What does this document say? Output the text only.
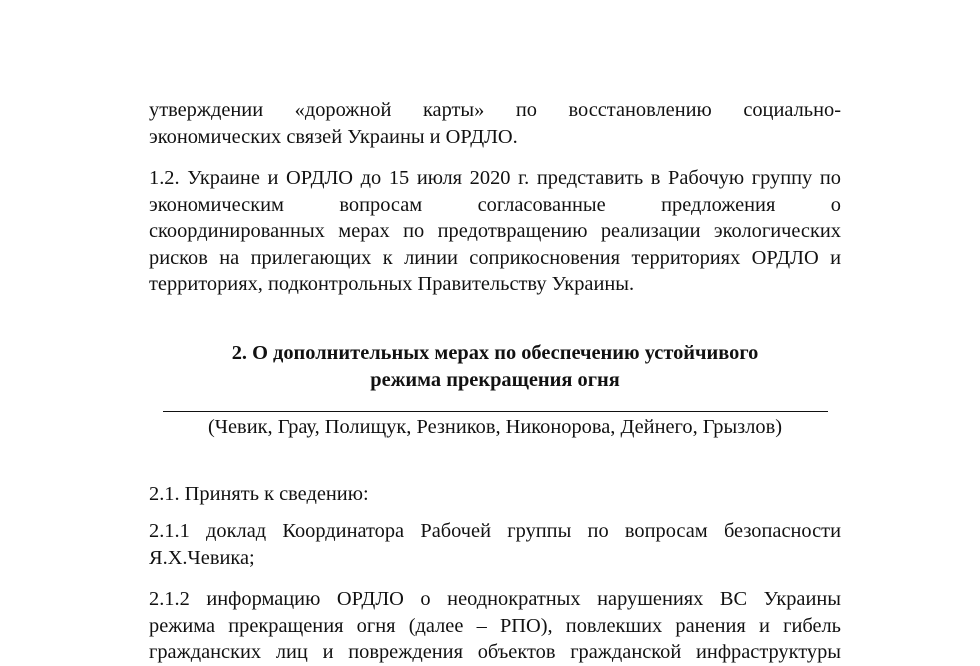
утверждении «дорожной карты» по восстановлению социально-
экономических связей Украины и ОРДЛО.
1.2. Украине и ОРДЛО до 15 июля 2020 г. представить в Рабочую группу по
экономическим вопросам согласованные предложения о
скоординированных мерах по предотвращению реализации экологических
рисков на прилегающих к линии соприкосновения территориях ОРДЛО и
территориях, подконтрольных Правительству Украины.
2. О дополнительных мерах по обеспечению устойчивого
режима прекращения огня

(Чевик, Грау, Полищук, Резников, Никонорова, Дейнего, Грызлов)

2.1. Принять к сведению:

2.1.1 доклад Координатора Рабочей группы по вопросам безопасности
Я.Х.Чевика;
2.1.2 информацию ОРДЛО о неоднократных нарушениях ВС Украины
режима прекращения огня (далее – РПО), повлекших ранения и гибель
гражданских лиц и повреждения объектов гражданской инфраструктуры
